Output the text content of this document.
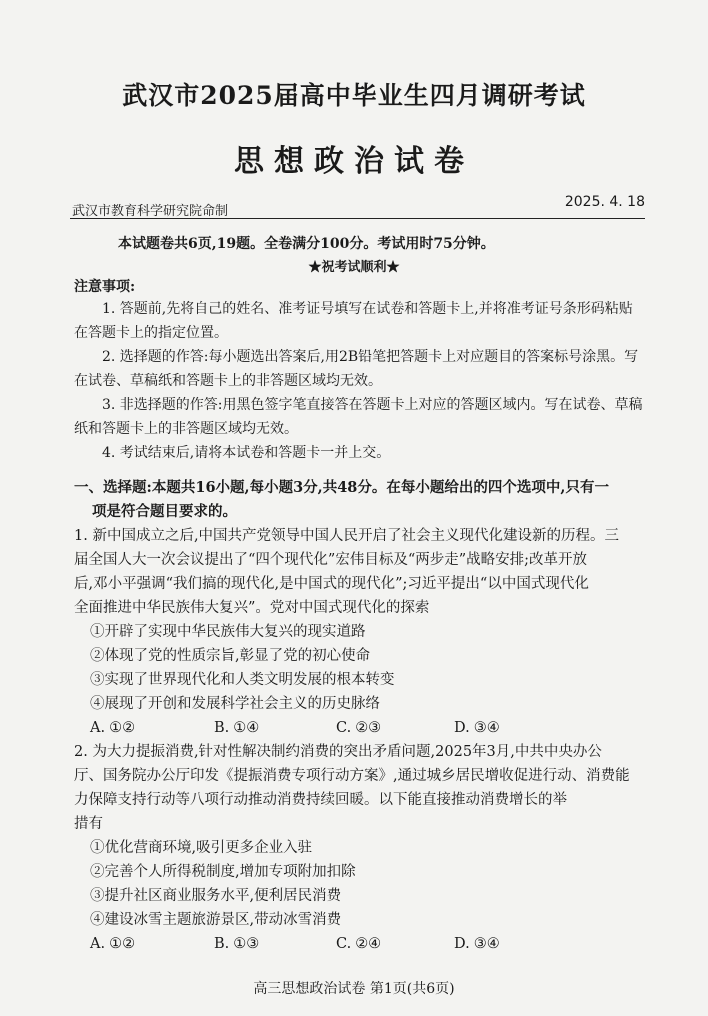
武汉市2025届高中毕业生四月调研考试
思想政治试卷
武汉市教育科学研究院命制
2025. 4. 18
本试题卷共6页,19题。全卷满分100分。考试用时75分钟。
★祝考试顺利★
注意事项:

1. 答题前,先将自己的姓名、准考证号填写在试卷和答题卡上,并将准考证号条形码粘贴在答题卡上的指定位置。

2. 选择题的作答:每小题选出答案后,用2B铅笔把答题卡上对应题目的答案标号涂黑。写在试卷、草稿纸和答题卡上的非答题区域均无效。

3. 非选择题的作答:用黑色签字笔直接答在答题卡上对应的答题区域内。写在试卷、草稿纸和答题卡上的非答题区域均无效。

4. 考试结束后,请将本试卷和答题卡一并上交。

一、选择题:本题共16小题,每小题3分,共48分。在每小题给出的四个选项中,只有一
项是符合题目要求的。
1. 新中国成立之后,中国共产党领导中国人民开启了社会主义现代化建设新的历程。三
届全国人大一次会议提出了“四个现代化”宏伟目标及“两步走”战略安排;改革开放
后,邓小平强调“我们搞的现代化,是中国式的现代化”;习近平提出“以中国式现代化
全面推进中华民族伟大复兴”。党对中国式现代化的探索
①开辟了实现中华民族伟大复兴的现实道路
②体现了党的性质宗旨,彰显了党的初心使命
③实现了世界现代化和人类文明发展的根本转变
④展现了开创和发展科学社会主义的历史脉络
A. ①②	B. ①④	C. ②③	D. ③④
2. 为大力提振消费,针对性解决制约消费的突出矛盾问题,2025年3月,中共中央办公
厅、国务院办公厅印发《提振消费专项行动方案》,通过城乡居民增收促进行动、消费能
力保障支持行动等八项行动推动消费持续回暖。以下能直接推动消费增长的举
措有
①优化营商环境,吸引更多企业入驻
②完善个人所得税制度,增加专项附加扣除
③提升社区商业服务水平,便利居民消费
④建设冰雪主题旅游景区,带动冰雪消费
A. ①②	B. ①③	C. ②④	D. ③④
高三思想政治试卷 第1页(共6页)
